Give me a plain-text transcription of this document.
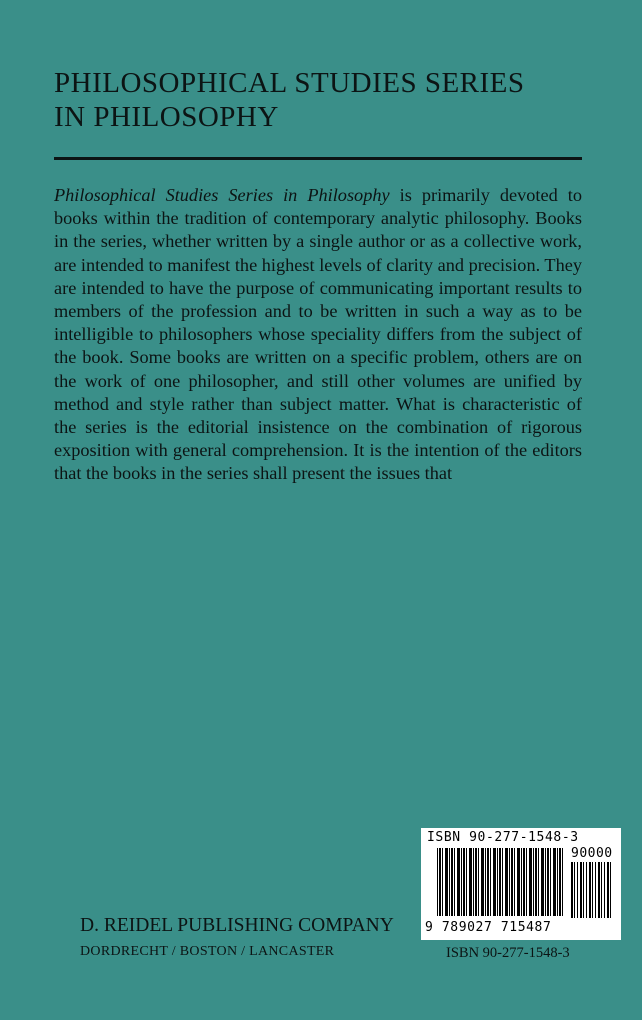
PHILOSOPHICAL STUDIES SERIES
IN PHILOSOPHY

Philosophical Studies Series in Philosophy is primarily devoted to books within the tradition of contemporary analytic philosophy. Books in the series, whether written by a single author or as a collective work, are intended to manifest the highest levels of clarity and precision. They are intended to have the purpose of communicating important results to members of the profession and to be written in such a way as to be intelligible to philosophers whose speciality differs from the subject of the book. Some books are written on a specific problem, others are on the work of one philosopher, and still other volumes are unified by method and style rather than subject matter. What is characteristic of the series is the editorial insistence on the combination of rigorous exposition with general comprehension. It is the intention of the editors that the books in the series shall present the issues that

ISBN 90-277-1548-3
90000
9 789027 715487
D. REIDEL PUBLISHING COMPANY
DORDRECHT / BOSTON / LANCASTER	ISBN 90-277-1548-3
